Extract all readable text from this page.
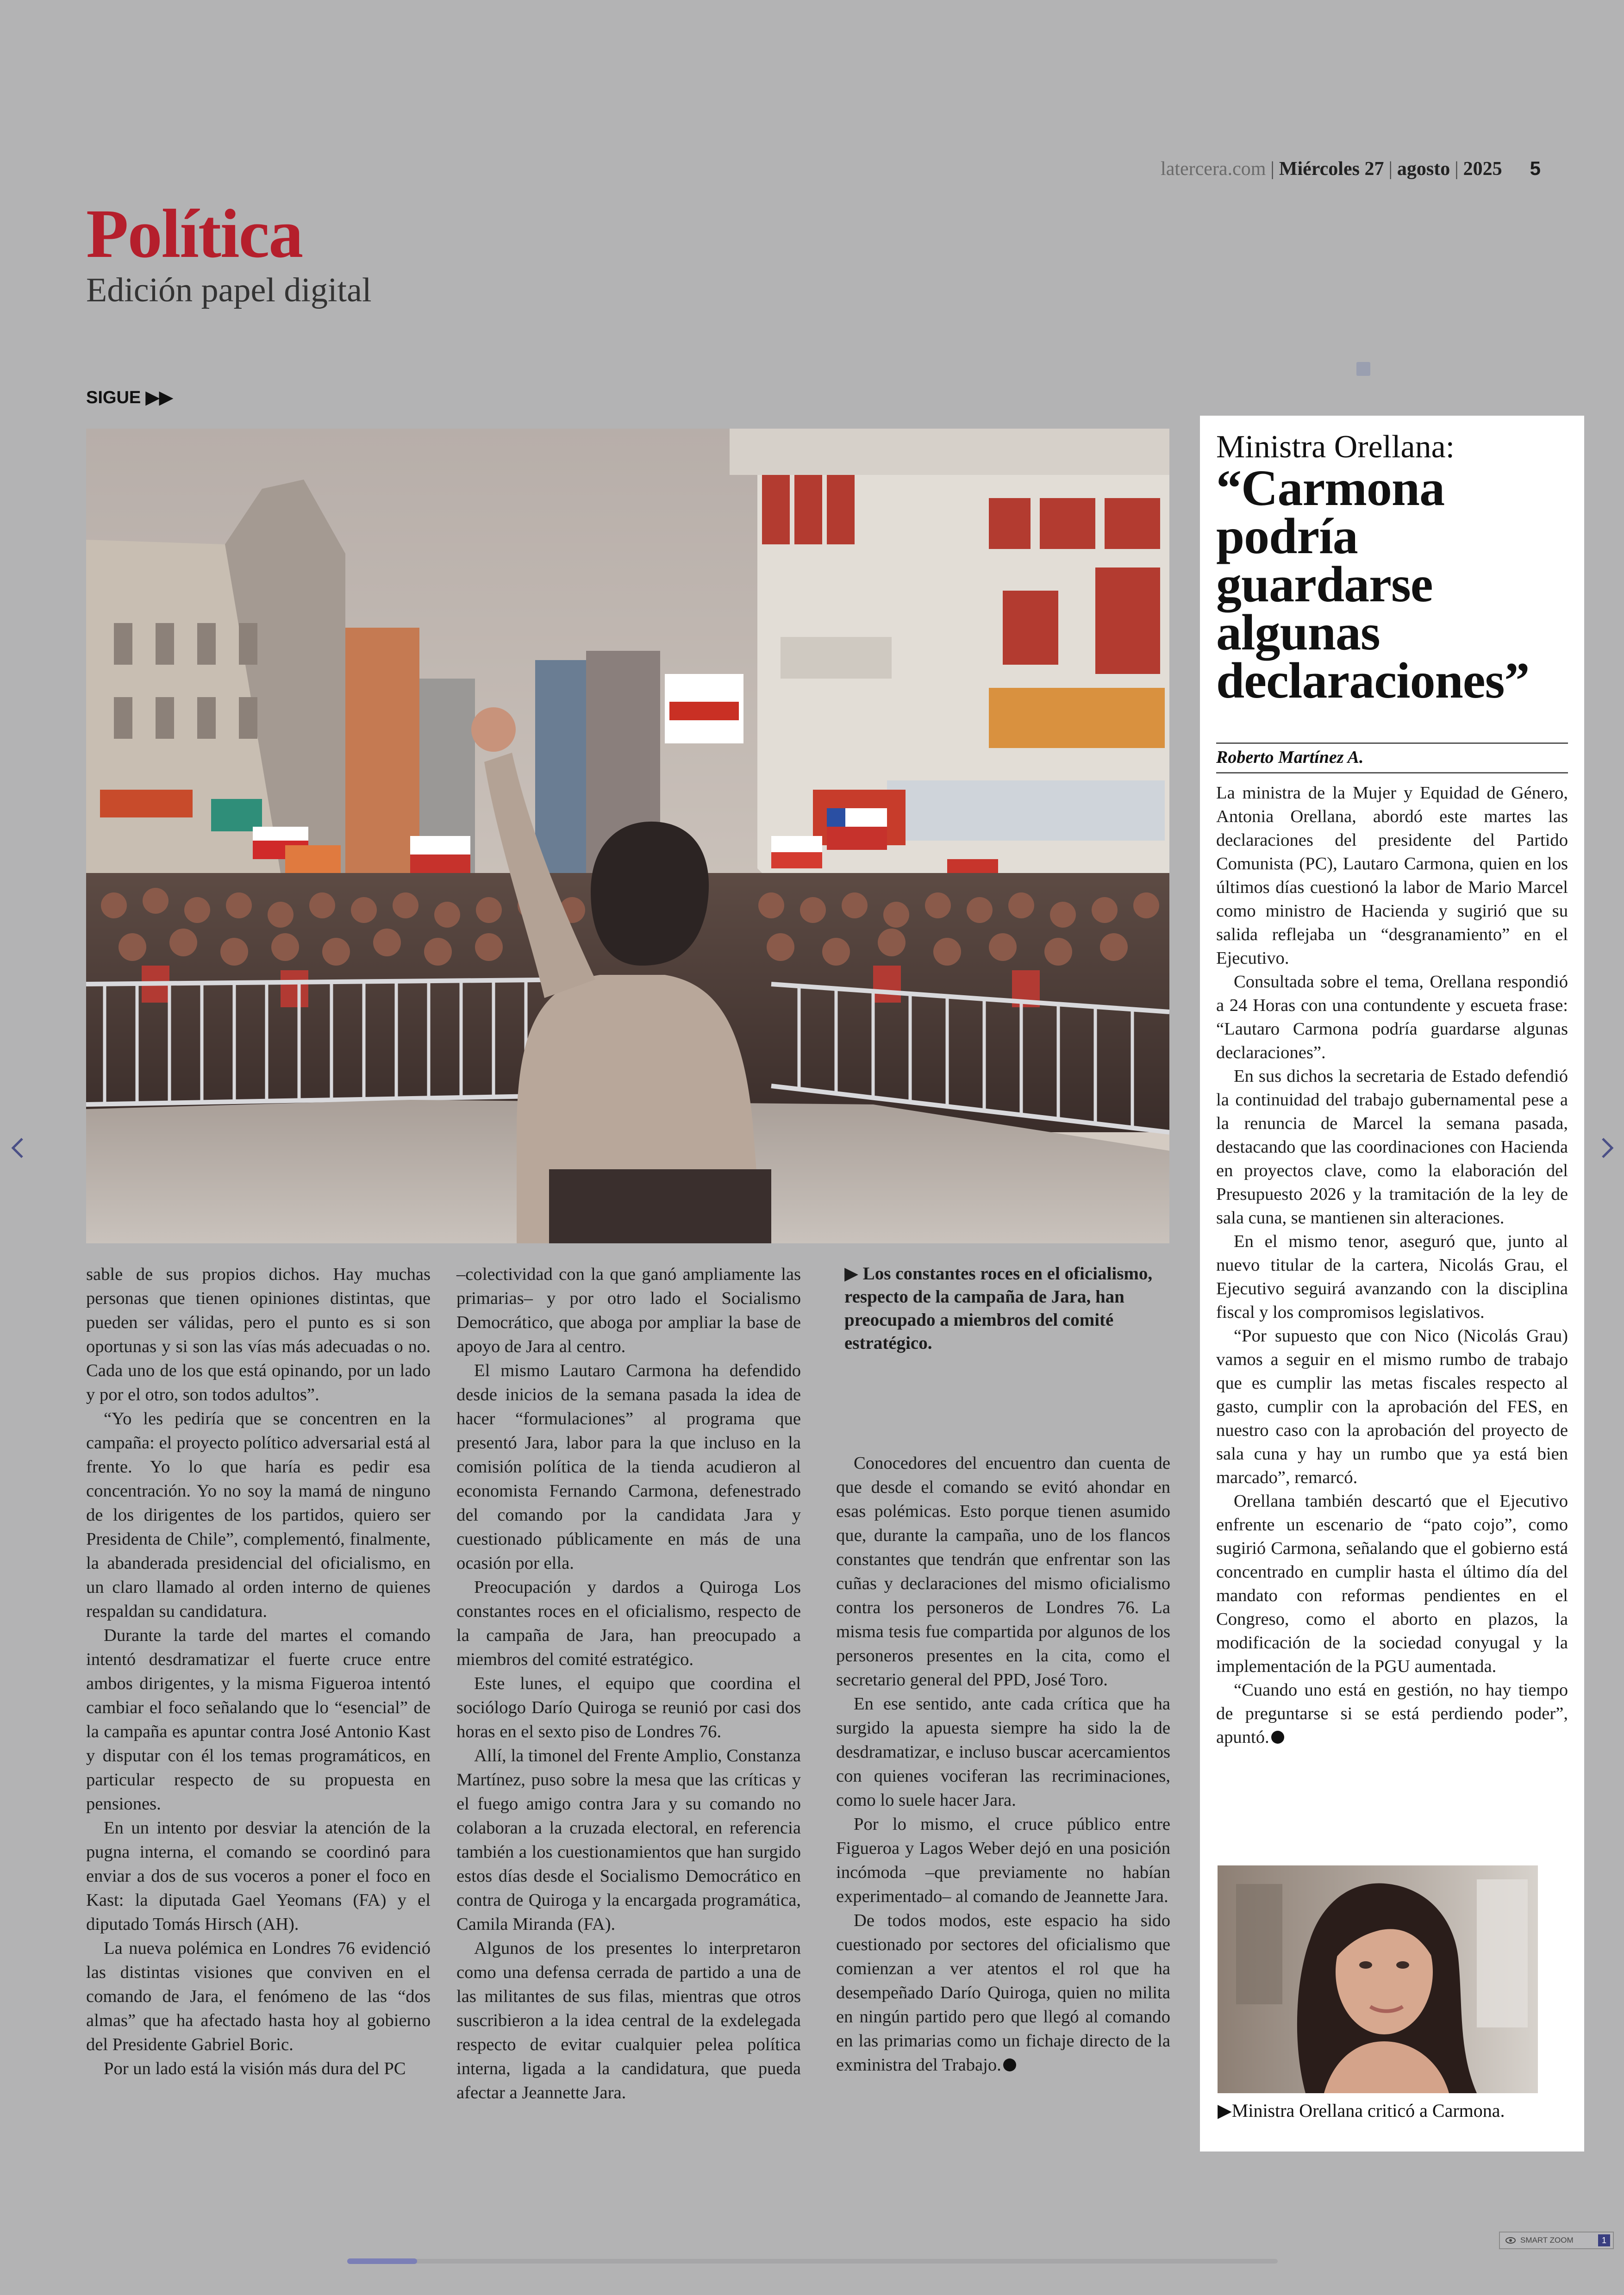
latercera.com | Miércoles 27 | agosto | 2025 5
Política
Edición papel digital
SIGUE ▶▶

sable de sus propios dichos. Hay muchas personas que tienen opiniones distintas, que pueden ser válidas, pero el punto es si son oportunas y si son las vías más adecuadas o no. Cada uno de los que está opinando, por un lado y por el otro, son todos adultos”.

“Yo les pediría que se concentren en la campaña: el proyecto político adversarial está al frente. Yo lo que haría es pedir esa concentración. Yo no soy la mamá de ninguno de los dirigentes de los partidos, quiero ser Presidenta de Chile”, complementó, finalmente, la abanderada presidencial del oficialismo, en un claro llamado al orden interno de quienes respaldan su candidatura.

Durante la tarde del martes el comando intentó desdramatizar el fuerte cruce entre ambos dirigentes, y la misma Figueroa intentó cambiar el foco señalando que lo “esencial” de la campaña es apuntar contra José Antonio Kast y disputar con él los temas programáticos, en particular respecto de su propuesta en pensiones.

En un intento por desviar la atención de la pugna interna, el comando se coordinó para enviar a dos de sus voceros a poner el foco en Kast: la diputada Gael Yeomans (FA) y el diputado Tomás Hirsch (AH).

La nueva polémica en Londres 76 evidenció las distintas visiones que conviven en el comando de Jara, el fenómeno de las “dos almas” que ha afectado hasta hoy al gobierno del Presidente Gabriel Boric.

Por un lado está la visión más dura del PC

–colectividad con la que ganó ampliamente las primarias– y por otro lado el Socialismo Democrático, que aboga por ampliar la base de apoyo de Jara al centro.

El mismo Lautaro Carmona ha defendido desde inicios de la semana pasada la idea de hacer “formulaciones” al programa que presentó Jara, labor para la que incluso en la comisión política de la tienda acudieron al economista Fernando Carmona, defenestrado del comando por la candidata Jara y cuestionado públicamente en más de una ocasión por ella.

Preocupación y dardos a Quiroga Los constantes roces en el oficialismo, respecto de la campaña de Jara, han preocupado a miembros del comité estratégico.

Este lunes, el equipo que coordina el sociólogo Darío Quiroga se reunió por casi dos horas en el sexto piso de Londres 76.

Allí, la timonel del Frente Amplio, Constanza Martínez, puso sobre la mesa que las críticas y el fuego amigo contra Jara y su comando no colaboran a la cruzada electoral, en referencia también a los cuestionamientos que han surgido estos días desde el Socialismo Democrático en contra de Quiroga y la encargada programática, Camila Miranda (FA).

Algunos de los presentes lo interpretaron como una defensa cerrada de partido a una de las militantes de sus filas, mientras que otros suscribieron a la idea central de la exdelegada respecto de evitar cualquier pelea política interna, ligada a la candidatura, que pueda afectar a Jeannette Jara.

▶ Los constantes roces en el oficialismo, respecto de la campaña de Jara, han preocupado a miembros del comité estratégico.

Conocedores del encuentro dan cuenta de que desde el comando se evitó ahondar en esas polémicas. Esto porque tienen asumido que, durante la campaña, uno de los flancos constantes que tendrán que enfrentar son las cuñas y declaraciones del mismo oficialismo contra los personeros de Londres 76. La misma tesis fue compartida por algunos de los personeros presentes en la cita, como el secretario general del PPD, José Toro.

En ese sentido, ante cada crítica que ha surgido la apuesta siempre ha sido la de desdramatizar, e incluso buscar acercamientos con quienes vociferan las recriminaciones, como lo suele hacer Jara.

Por lo mismo, el cruce público entre Figueroa y Lagos Weber dejó en una posición incómoda –que previamente no habían experimentado– al comando de Jeannette Jara.

De todos modos, este espacio ha sido cuestionado por sectores del oficialismo que comienzan a ver atentos el rol que ha desempeñado Darío Quiroga, quien no milita en ningún partido pero que llegó al comando en las primarias como un fichaje directo de la exministra del Trabajo.

Ministra Orellana:
“Carmona podría guardarse algunas declaraciones”
Roberto Martínez A.

La ministra de la Mujer y Equidad de Género, Antonia Orellana, abordó este martes las declaraciones del presidente del Partido Comunista (PC), Lautaro Carmona, quien en los últimos días cuestionó la labor de Mario Marcel como ministro de Hacienda y sugirió que su salida reflejaba un “desgranamiento” en el Ejecutivo.

Consultada sobre el tema, Orellana respondió a 24 Horas con una contundente y escueta frase: “Lautaro Carmona podría guardarse algunas declaraciones”.

En sus dichos la secretaria de Estado defendió la continuidad del trabajo gubernamental pese a la renuncia de Marcel la semana pasada, destacando que las coordinaciones con Hacienda en proyectos clave, como la elaboración del Presupuesto 2026 y la tramitación de la ley de sala cuna, se mantienen sin alteraciones.

En el mismo tenor, aseguró que, junto al nuevo titular de la cartera, Nicolás Grau, el Ejecutivo seguirá avanzando con la disciplina fiscal y los compromisos legislativos.

“Por supuesto que con Nico (Nicolás Grau) vamos a seguir en el mismo rumbo de trabajo que es cumplir las metas fiscales respecto al gasto, cumplir con la aprobación del FES, en nuestro caso con la aprobación del proyecto de sala cuna y hay un rumbo que ya está bien marcado”, remarcó.

Orellana también descartó que el Ejecutivo enfrente un escenario de “pato cojo”, como sugirió Carmona, señalando que el gobierno está concentrado en cumplir hasta el último día del mandato con reformas pendientes en el Congreso, como el aborto en plazos, la modificación de la sociedad conyugal y la implementación de la PGU aumentada.

“Cuando uno está en gestión, no hay tiempo de preguntarse si se está perdiendo poder”, apuntó.

▶Ministra Orellana criticó a Carmona.
SMART ZOOM	1
